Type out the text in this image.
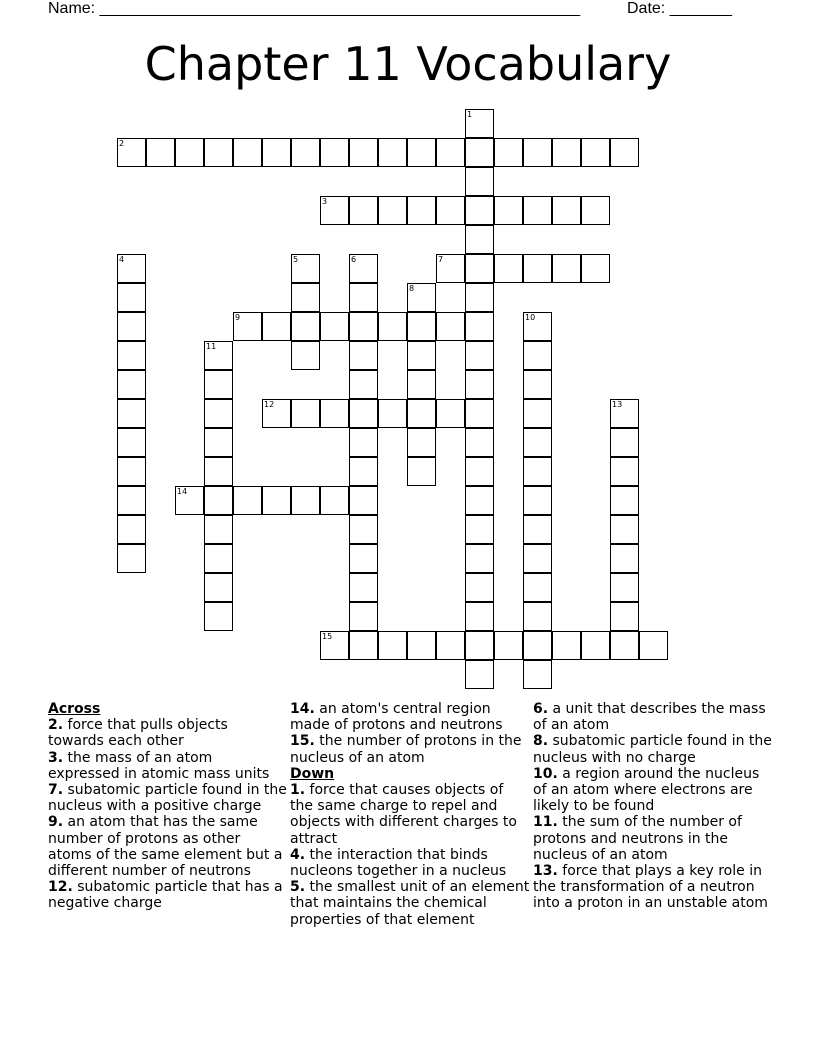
Name: ______________________________________________________	Date: _______
Chapter 11 Vocabulary
1
2
3
4	5	6	7
8
9	10
11
12	13
14
15
Across

2. force that pulls objects towards each other

3. the mass of an atom expressed in atomic mass units

7. subatomic particle found in the nucleus with a positive charge

9. an atom that has the same number of protons as other atoms of the same element but a different number of neutrons

12. subatomic particle that has a negative charge

14. an atom's central region made of protons and neutrons

15. the number of protons in the nucleus of an atom

Down

1. force that causes objects of the same charge to repel and objects with different charges to attract

4. the interaction that binds nucleons together in a nucleus

5. the smallest unit of an element that maintains the chemical properties of that element

6. a unit that describes the mass of an atom

8. subatomic particle found in the nucleus with no charge

10. a region around the nucleus of an atom where electrons are likely to be found

11. the sum of the number of protons and neutrons in the nucleus of an atom

13. force that plays a key role in the transformation of a neutron into a proton in an unstable atom
